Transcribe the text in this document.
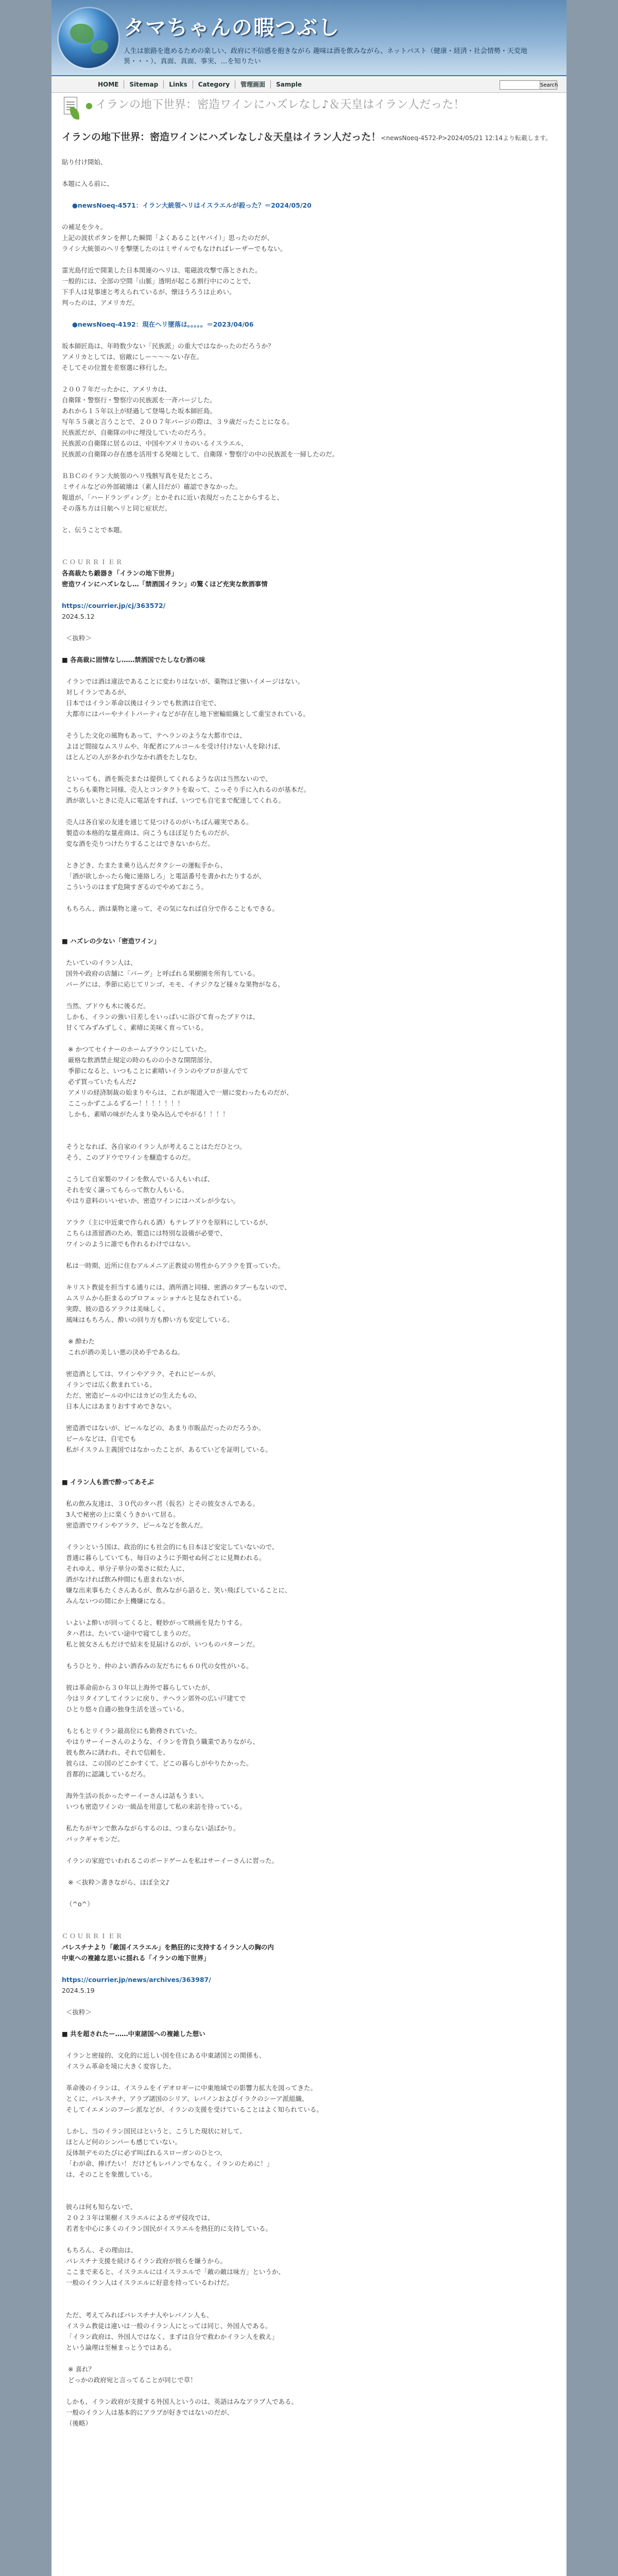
タマちゃんの暇つぶし
人生は旅路を進めるための楽しい、政府に不信感を抱きながら 趣味は酒を飲みながら、ネットパスト（健康・経済・社会情勢・天変地異・・・）、真面、真面、事実、…を知りたい
HOME	Sitemap	Links	Category	管理画面	Sample	Search
● イランの地下世界：密造ワインにハズレなし♪＆天皇はイラン人だった！
イランの地下世界：密造ワインにハズレなし♪＆天皇はイラン人だった！<newsNoeq-4572-P>2024/05/21 12:14より転載します。
貼り付け開始、

本題に入る前に、

●newsNoeq-4571：イラン大統領ヘリはイスラエルが殺った？＝2024/05/20

の補足を少々。
上記の波状ボタンを押した瞬間「よくあること(ヤバイ）」思ったのだが、
ライシ大統領のヘリを撃墜したのはミサイルでもなければレーザーでもない。

霊光島付近で開業した日本関連のヘリは、電磁波攻撃で落とされた。
一般的には、全部の空間「山脈」透明が起こる割行中にのことで、
下手人は見事速と考えられているが、懐ほうろうは止めい。
判ったのは、アメリカだ。

●newsNoeq-4192：現在ヘリ墜落は。。。。。＝2023/04/06

坂本師匠島は、年時数少ない「民族派」の重大ではなかったのだろうか？
アメリカとしては、宿敵にしー～～～ない存在。
そしてその位置を差察選に移行した。

２００７年だったかに、アメリカは、
自衛隊・警察行・警察庁の民族派を一斉パージした。
あれから１５年以上が経過して登場した坂本師匠島。
写年５５歳と言うことで、２００７年パージの際は、３９歳だったことになる。
民族派だが、自衛隊の中に埋没していたのだろう。
民族派の自衛隊に居るのは、中国やアメリカのいるイスラエル、
民族派の自衛隊の存在感を活用する発端として、自衛隊・警察庁の中の民族派を一掃したのだ。

ＢＢＣのイラン大統領のヘリ残骸写真を見たところ、
ミサイルなどの外部破壊は（素人目だが）確認できなかった。
報道が、「ハードランディング」とかそれに近い表現だったことからすると、
その落ち方は日航ヘリと同じ症状だ。

と、伝うことで本題。

ＣＯＵＲＲＩＥＲ
各高裁たち鍛器き「イランの地下世界」
密造ワインにハズレなし…「禁酒国イラン」の驚くほど充実な飲酒事情

https://courrier.jp/cj/363572/
2024.5.12

＜抜粋＞

■ 各高裁に固情なし……禁酒国でたしなむ酒の味

イランでは酒は違法であることに変わりはないが、薬物ほど強いイメージはない。
対しイランであるが、
日本ではイラン革命以後はイランでも飲酒は自宅で、
大都市にはバーやナイトパーティなどが存在し地下密輸組織として重宝されている。

そうした文化の風物もあって、テヘランのような大都市では、
よほど間接なムスリムや、年配者にアルコールを受け付けない人を除けば、
ほとんどの人が多かれ少なかれ酒をたしなむ。

といっても、酒を販売または提供してくれるような店は当然ないので、
こちらも薬物と同様、売人とコンタクトを取って、こっそり手に入れるのが基本だ。
酒が欲しいときに売人に電話をすれば、いつでも自宅まで配達してくれる。

売人は各自家の友達を通じて見つけるのがいちばん確実である。
製造の本格的な量産商は、向こうもほぼ足りたものだが、
変な酒を売りつけたりすることはできないからだ。

ときどき、たまたま乗り込んだタクシーの運転手から、
「酒が欲しかったら俺に連絡しろ」と電話番号を書かれたりするが、
こういうのはまず危険すぎるのでやめておこう。

もちろん、酒は薬物と違って、その気になれば自分で作ることもできる。

■ ハズレの少ない「密造ワイン」

たいていのイラン人は、
国外や政府の店舗に「バーグ」と呼ばれる果樹園を所有している。
バーグには、季節に応じてリンゴ、モモ、イチジクなど様々な果物がなる。

当然、ブドウも木に後るだ。
しかも、イランの強い日差しをいっぱいに浴びて育ったブドウは、
甘くてみずみずしく、素晴に美味く育っている。

※ かつてセイナーのホームブラウンにしていた。
厳格な飲酒禁止規定の時のものの小さな開閉部分、
季節になると、いつもことに素晴いイランのやブロが並んでて
必ず買っていたもんだ♪
アメリの経済制裁の始まりやらは、これが報道入で一層に変わったものだが、
ここっかずこふるずるー！！！！！！！
しかも、素晴の味がたんまり染み込んでやがる！！！！

そうとなれば、各自家のイラン人が考えることはただひとつ。
そう、このブドウでワインを醸造するのだ。

こうして自家製のワインを飲んでいる人もいれば、
それを安く譲ってもらって飲む人もいる。
やはり意料のいいせいか、密造ワインにはハズレが少ない。

アラク（主に中近東で作られる酒）もテレブドウを原料にしているが、
こちらは蒸留酒のため、製造には特別な設備が必要で、
ワインのように誰でも作れるわけではない。

私は一時期、近所に住むアルメニア正教徒の男性からアラクを買っていた。

キリスト教徒を担当する通りには、酒所酒と同様、密酒のタブーもないので、
ムスリムから拒まるのプロフェッショナルと見なされている。
実際、彼の造るアラクは美味しく、
風味はもちろん、酔いの回り方も酔い方も安定している。

※ 酔わた
これが酒の美しい悪の決め手であるね。

密造酒としては、ワインやアラク、それにビールが、
イランでは広く飲まれている。
ただ、密造ビールの中にはカビの生えたもの、
日本人にはあまりおすすめできない。

密造酒ではないが、ビールなどの、あまり市販品だったのだろうか。
ビールなどは、自宅でも
私がイスラム主義国ではなかったことが、あるていどを証明している。

■ イラン人も酒で酔ってあそぶ

私の飲み友達は、３０代のタハ君（仮名）とその彼女さんである。
3人で秘密の上に楽くうきかいて居る。
密造酒でワインやアラク、ビールなどを飲んだ。

イランという国は、政治的にも社会的にも日本ほど安定していないので、
普通に暮らしていても、毎日のように予期せぬ何ごとに見舞われる。
それゆえ、単分子単分の楽さに似た人に、
酒がなければ飲み仲間にも恵まれないが、
嫌な出来事もたくさんあるが、飲みながら語ると、笑い飛ばしていることに、
みんないつの間にか上機嫌になる。

いよいよ酔いが回ってくると、軽妙がって映画を見たりする。
タハ君は、たいてい途中で寝てしまうのだ。
私と彼女さんもだけで結末を見届けるのが、いつものパターンだ。

もうひとり、仲のよい酒呑みの友だちにも６０代の女性がいる。

彼は革命前から３０年以上海外で暮らしていたが、
今はリタイアしてイランに戻り、テヘラン郊外の広い戸建てで
ひとり悠々自適の独身生活を送っている。

もともとリイラン最高位にも勤務されていた。
やはりサーイーさんのような、イランを背負う職業でありながら、
彼も飲みに誘われ、それで信頼を、
彼らは、この国のどこかすくて、どこの暮らしがやりたかった。
首都的に認識しているだろ。

海外生活の長かったサーイーさんは話もうまい。
いつも密造ワインの一級品を用意して私の来訪を待っている。

私たちがヤンで飲みながらするのは、つまらない話ばかり。
バックギャモンだ。

イランの家庭でいわれるこのボードゲームを私はサーイーさんに習った。

※ ＜抜粋＞書きながら、ほぼ全文♪

（^o^）

ＣＯＵＲＲＩＥＲ
パレスチナより「敵国イスラエル」を熱狂的に支持するイラン人の胸の内
中東への複雑な思いに揺れる「イランの地下世界」

https://courrier.jp/news/archives/363987/
2024.5.19

＜抜粋＞

■ 共を超されたー……中東諸国への複雑した想い

イランと密接的、文化的に近しい国を住にある中東諸国との関係も、
イスラム革命を境に大きく変容した。

革命後のイランは、イスラムをイデオロギーに中東地域での影響力拡大を図ってきた。
とくに、パレスチナ、アラブ諸国のシリア、レバノンおよびイラクのシーア派組織、
そしてイエメンのフーシ派などが、イランの支援を受けていることはよく知られている。

しかし、当のイラン国民はというと、こうした現状に対して、
ほとんど何のシンパーも感じていない。
反体制デモのたびに必ず叫ばれるスローガンのひとつ、
「わが命、捧げたい！ だけどもレバノンでもなく、イランのために！」
は、そのことを象徴している。

彼らは何も知らないで、
２０２３年は果樹イスラエルによるガザ侵攻では、
若者を中心に多くのイラン国民がイスラエルを熱狂的に支持している。

もちろん、その理由は、
パレスチナ支援を続けるイラン政府が彼らを嫌うから。
ここまで来ると、イスラエルにはイスラエルで「敵の敵は味方」というか、
一般のイラン人はイスラエルに好意を持っているわけだ。

ただ、考えてみればパレスチナ人やレバノン人も、
イスラム教徒は違いは一般のイラン人にとっては同じ、外国人である。
「イラン政府は、外国人ではなく、まずは自分で救わかイラン人を救え」
という論理は至極まっとうではある。

※ 喜れ？
どっかの政府宛と言ってることが同じで草！

しかも、イラン政府が支援する外国人というのは、英語はみなアラブ人である。
一般のイラン人は基本的にアラブが好きではないのだが、
（後略）
